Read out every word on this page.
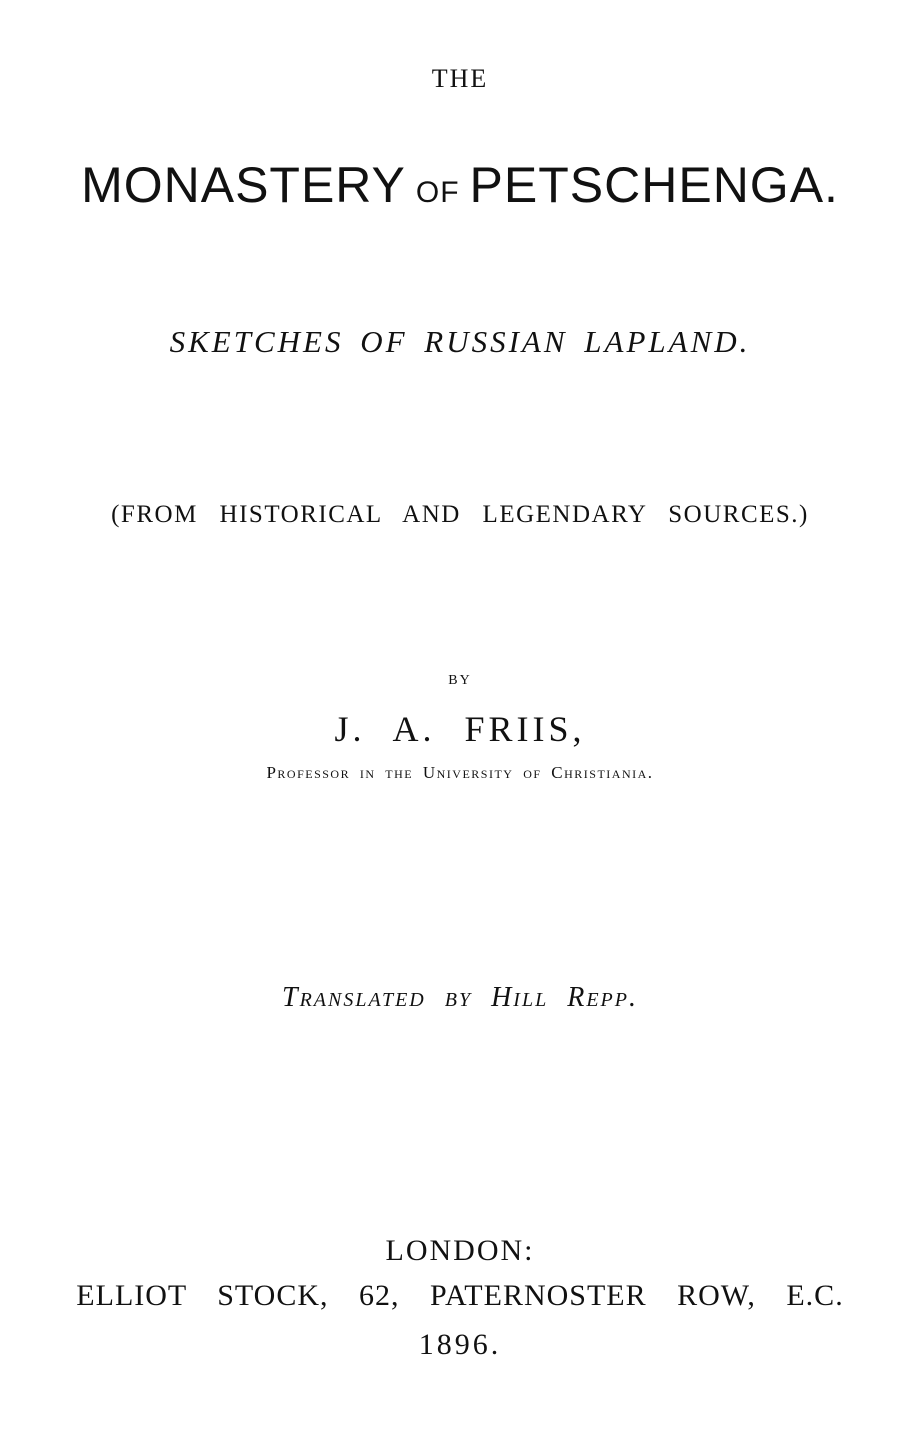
THE
MONASTERY OF PETSCHENGA.
SKETCHES OF RUSSIAN LAPLAND.
(FROM HISTORICAL AND LEGENDARY SOURCES.)
BY
J. A. FRIIS,
Professor in the University of Christiania.
Translated by Hill Repp.
LONDON:
ELLIOT STOCK, 62, PATERNOSTER ROW, E.C.
1896.
